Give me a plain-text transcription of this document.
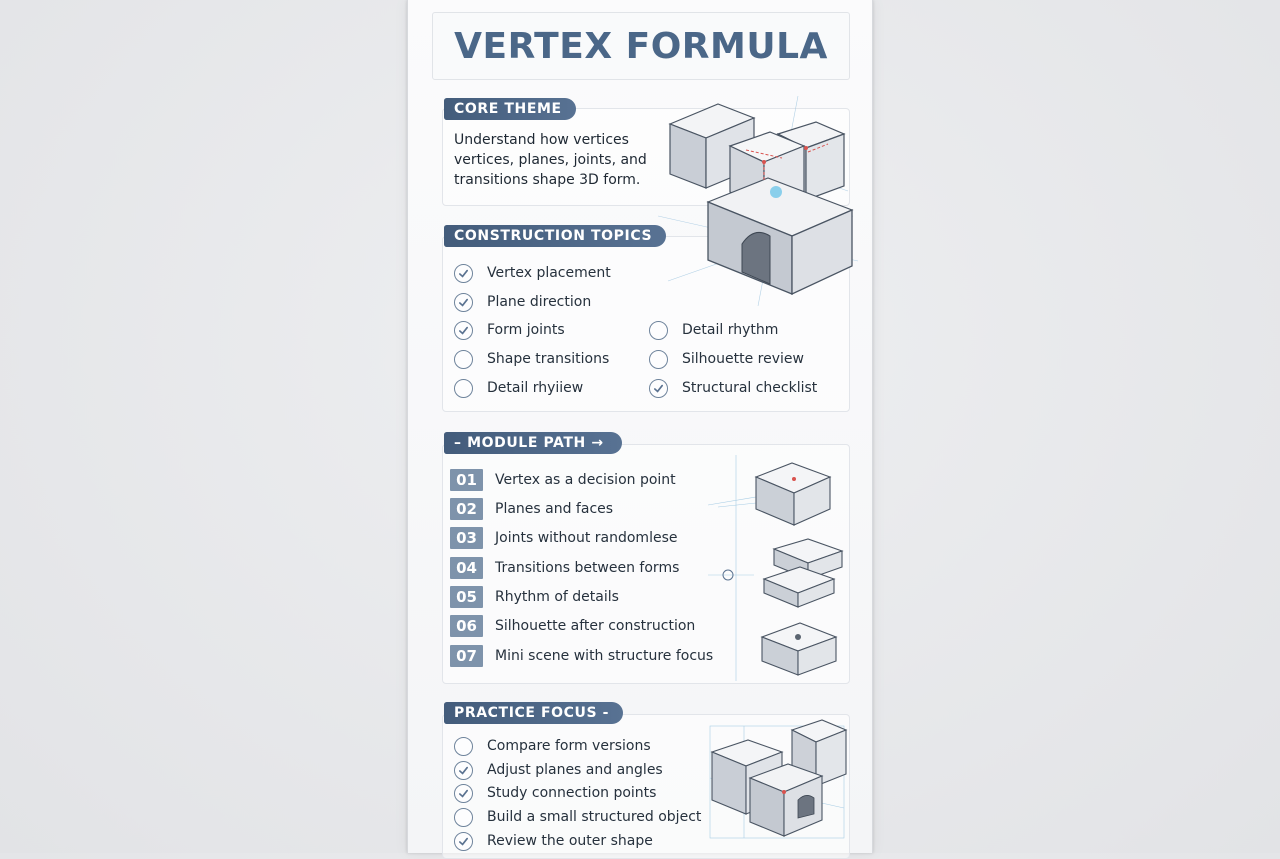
VERTEX FORMULA
CORE THEME
Understand how vertices
vertices, planes, joints, and
transitions shape 3D form.
CONSTRUCTION TOPICS
Vertex placement
Plane direction
Form joints
Shape transitions
Detail rhyiiew
Detail rhythm
Silhouette review
Structural checklist
– MODULE PATH →
01	Vertex as a decision point
02	Planes and faces
03	Joints without randomlese
04	Transitions between forms
05	Rhythm of details
06	Silhouette after construction
07	Mini scene with structure focus
PRACTICE FOCUS -
Compare form versions
Adjust planes and angles
Study connection points
Build a small structured object
Review the outer shape
